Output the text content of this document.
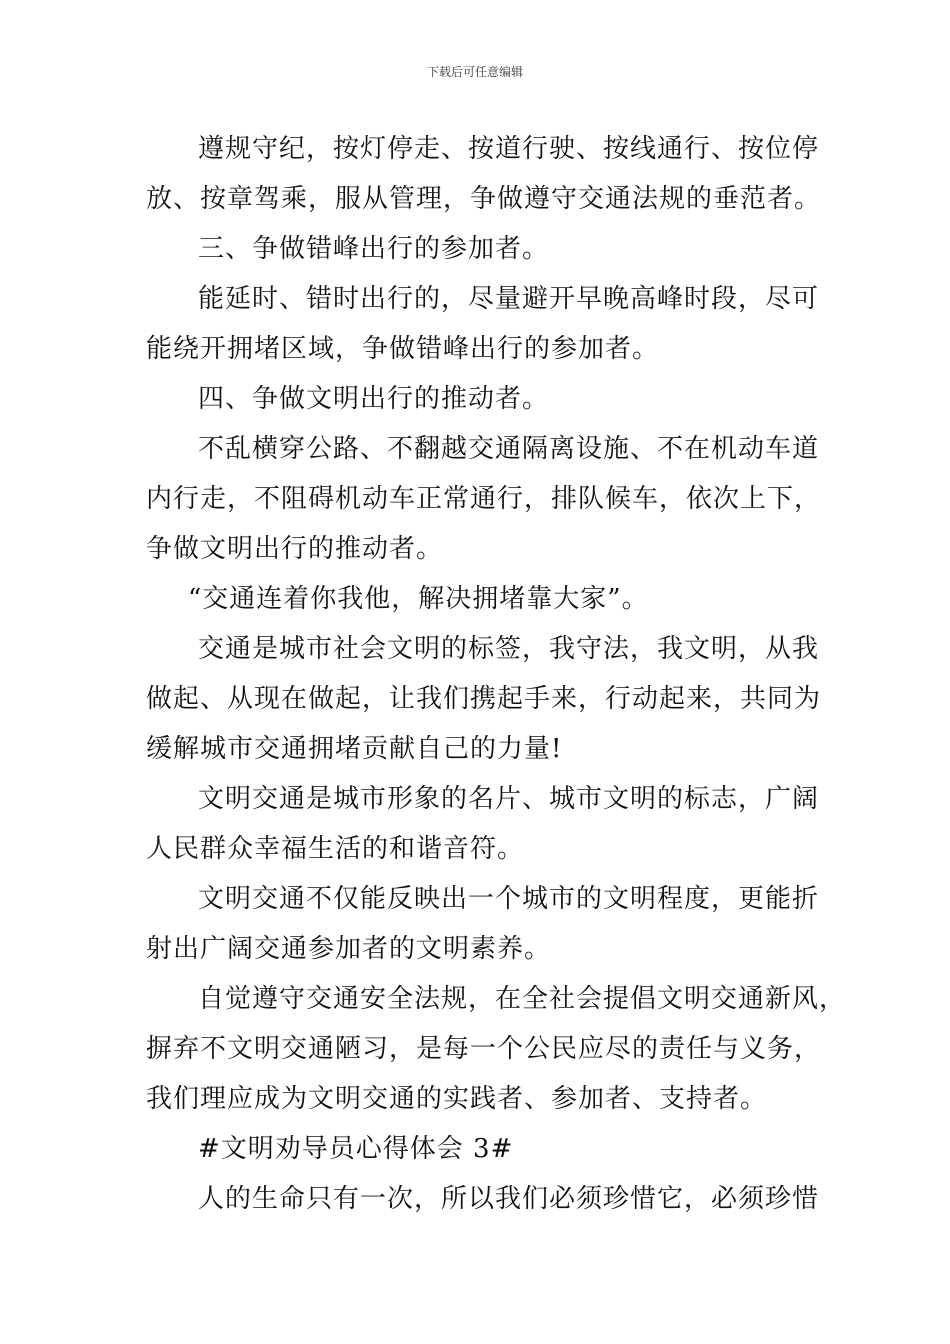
下载后可任意编辑

遵规守纪，按灯停走、按道行驶、按线通行、按位停
放、按章驾乘，服从管理，争做遵守交通法规的垂范者。

三、争做错峰出行的参加者。

能延时、错时出行的，尽量避开早晚高峰时段，尽可
能绕开拥堵区域，争做错峰出行的参加者。

四、争做文明出行的推动者。

不乱横穿公路、不翻越交通隔离设施、不在机动车道
内行走，不阻碍机动车正常通行，排队候车，依次上下，
争做文明出行的推动者。

“交通连着你我他，解决拥堵靠大家”。

交通是城市社会文明的标签，我守法，我文明，从我
做起、从现在做起，让我们携起手来，行动起来，共同为
缓解城市交通拥堵贡献自己的力量!

文明交通是城市形象的名片、城市文明的标志，广阔
人民群众幸福生活的和谐音符。

文明交通不仅能反映出一个城市的文明程度，更能折
射出广阔交通参加者的文明素养。

自觉遵守交通安全法规，在全社会提倡文明交通新风，
摒弃不文明交通陋习，是每一个公民应尽的责任与义务，
我们理应成为文明交通的实践者、参加者、支持者。

#文明劝导员心得体会 3#

人的生命只有一次，所以我们必须珍惜它，必须珍惜
